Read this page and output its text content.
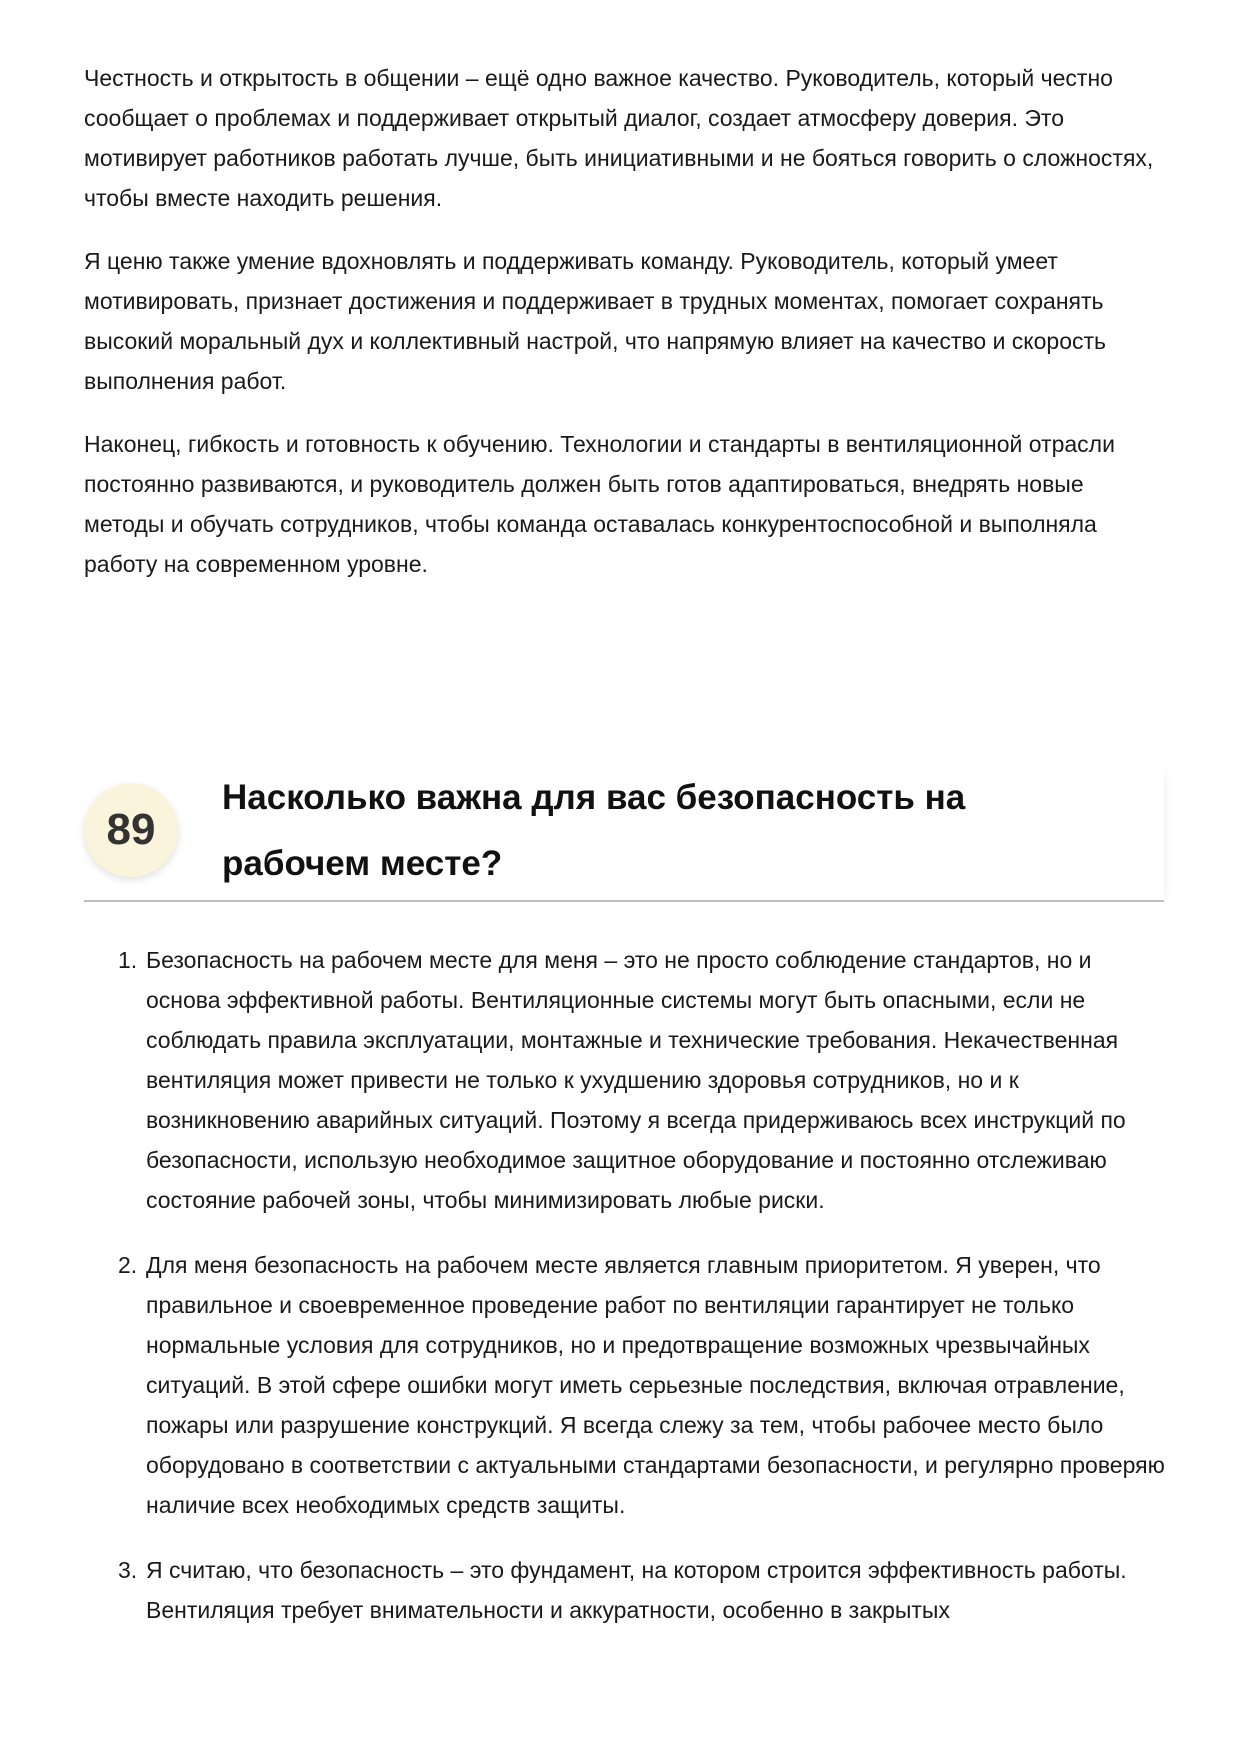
Честность и открытость в общении – ещё одно важное качество. Руководитель, который честно сообщает о проблемах и поддерживает открытый диалог, создает атмосферу доверия. Это мотивирует работников работать лучше, быть инициативными и не бояться говорить о сложностях, чтобы вместе находить решения.

Я ценю также умение вдохновлять и поддерживать команду. Руководитель, который умеет мотивировать, признает достижения и поддерживает в трудных моментах, помогает сохранять высокий моральный дух и коллективный настрой, что напрямую влияет на качество и скорость выполнения работ.

Наконец, гибкость и готовность к обучению. Технологии и стандарты в вентиляционной отрасли постоянно развиваются, и руководитель должен быть готов адаптироваться, внедрять новые методы и обучать сотрудников, чтобы команда оставалась конкурентоспособной и выполняла работу на современном уровне.

89
Насколько важна для вас безопасность на рабочем месте?
1. Безопасность на рабочем месте для меня – это не просто соблюдение стандартов, но и основа эффективной работы. Вентиляционные системы могут быть опасными, если не соблюдать правила эксплуатации, монтажные и технические требования. Некачественная вентиляция может привести не только к ухудшению здоровья сотрудников, но и к возникновению аварийных ситуаций. Поэтому я всегда придерживаюсь всех инструкций по безопасности, использую необходимое защитное оборудование и постоянно отслеживаю состояние рабочей зоны, чтобы минимизировать любые риски.
2. Для меня безопасность на рабочем месте является главным приоритетом. Я уверен, что правильное и своевременное проведение работ по вентиляции гарантирует не только нормальные условия для сотрудников, но и предотвращение возможных чрезвычайных ситуаций. В этой сфере ошибки могут иметь серьезные последствия, включая отравление, пожары или разрушение конструкций. Я всегда слежу за тем, чтобы рабочее место было оборудовано в соответствии с актуальными стандартами безопасности, и регулярно проверяю наличие всех необходимых средств защиты.
3. Я считаю, что безопасность – это фундамент, на котором строится эффективность работы. Вентиляция требует внимательности и аккуратности, особенно в закрытых
